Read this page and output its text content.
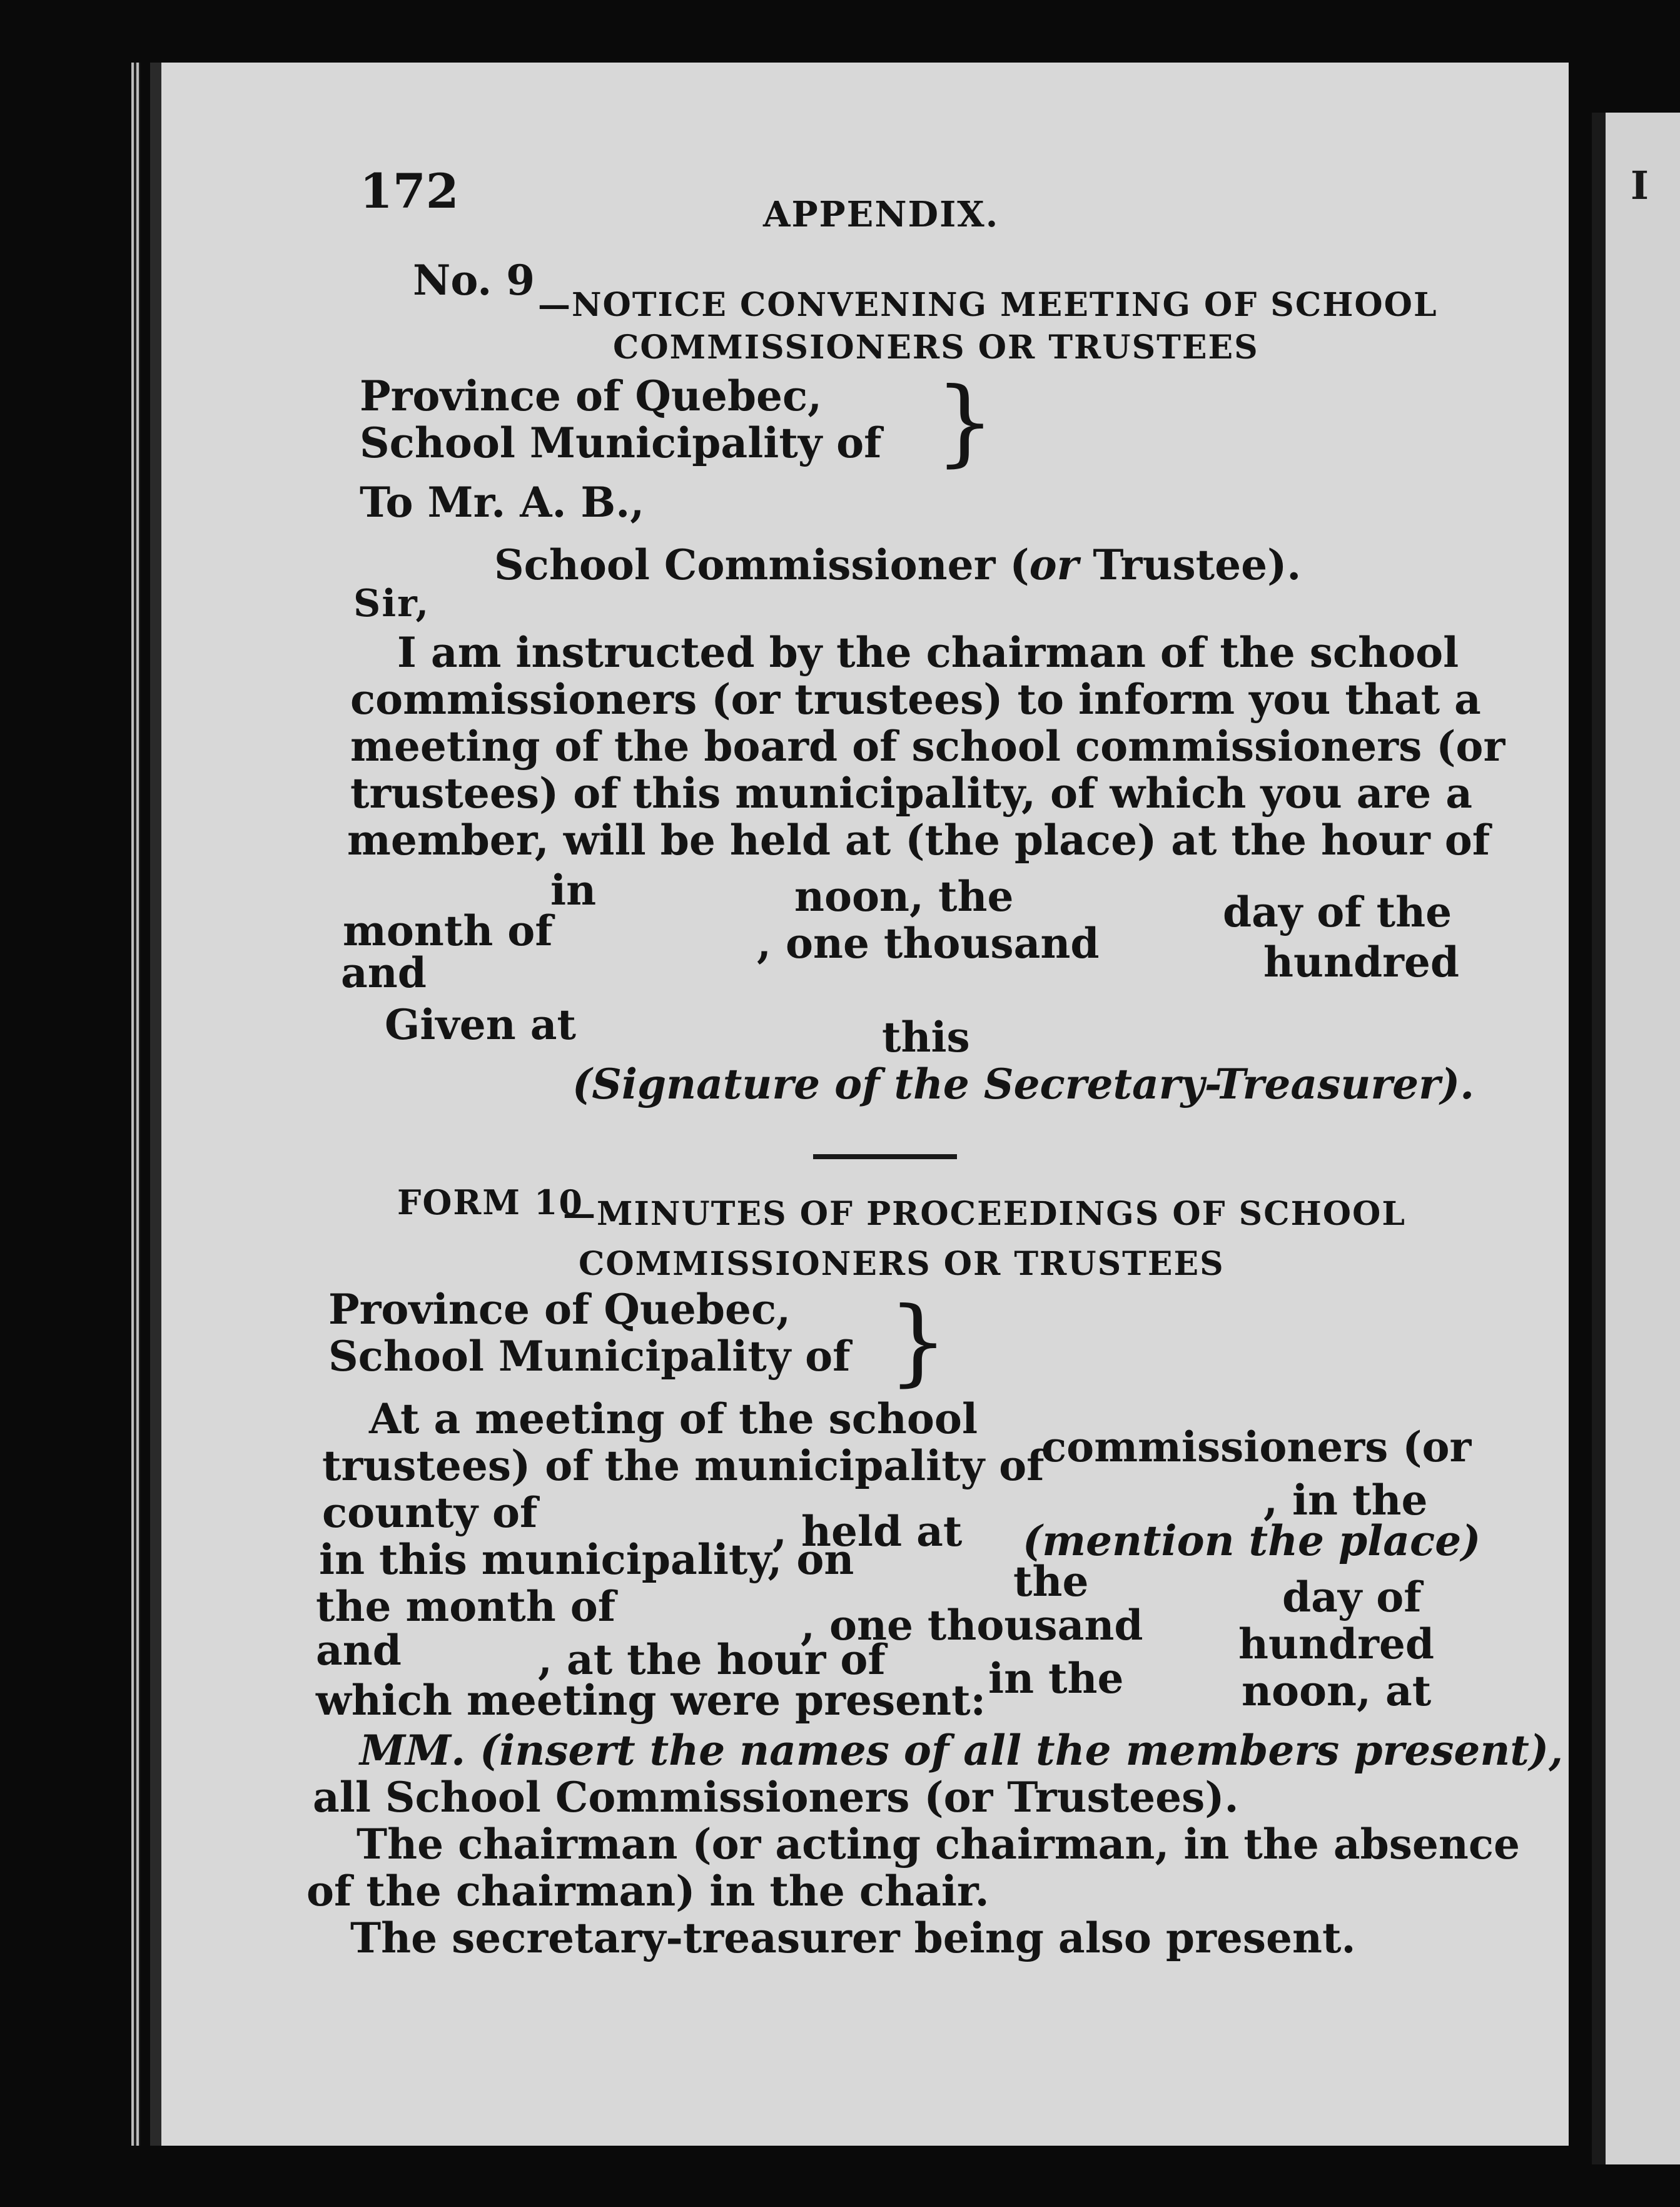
I
172	APPENDIX.
No. 9
—NOTICE CONVENING MEETING OF SCHOOL
COMMISSIONERS OR TRUSTEES
Province of Quebec,
School Municipality of }
To Mr. A. B.,
School Commissioner (or Trustee).
Sir,
I am instructed by the chairman of the school
commissioners (or trustees) to inform you that a
meeting of the board of school commissioners (or
trustees) of this municipality, of which you are a
member, will be held at (the place) at the hour of
in	noon, the	day of the
month of	, one thousand	hundred
and
Given at	this
(Signature of the Secretary-Treasurer).
FORM 10
—MINUTES OF PROCEEDINGS OF SCHOOL
COMMISSIONERS OR TRUSTEES
Province of Quebec,
School Municipality of }
At a meeting of the school
commissioners (or
trustees) of the municipality of
, in the
county of	, held at (mention the place)
in this municipality, on	the	day of
the month of	, one thousand hundred
and	, at the hour of in the	noon, at
which meeting were present:
MM. (insert the names of all the members present),
all School Commissioners (or Trustees).
The chairman (or acting chairman, in the absence
of the chairman) in the chair.
The secretary-treasurer being also present.
